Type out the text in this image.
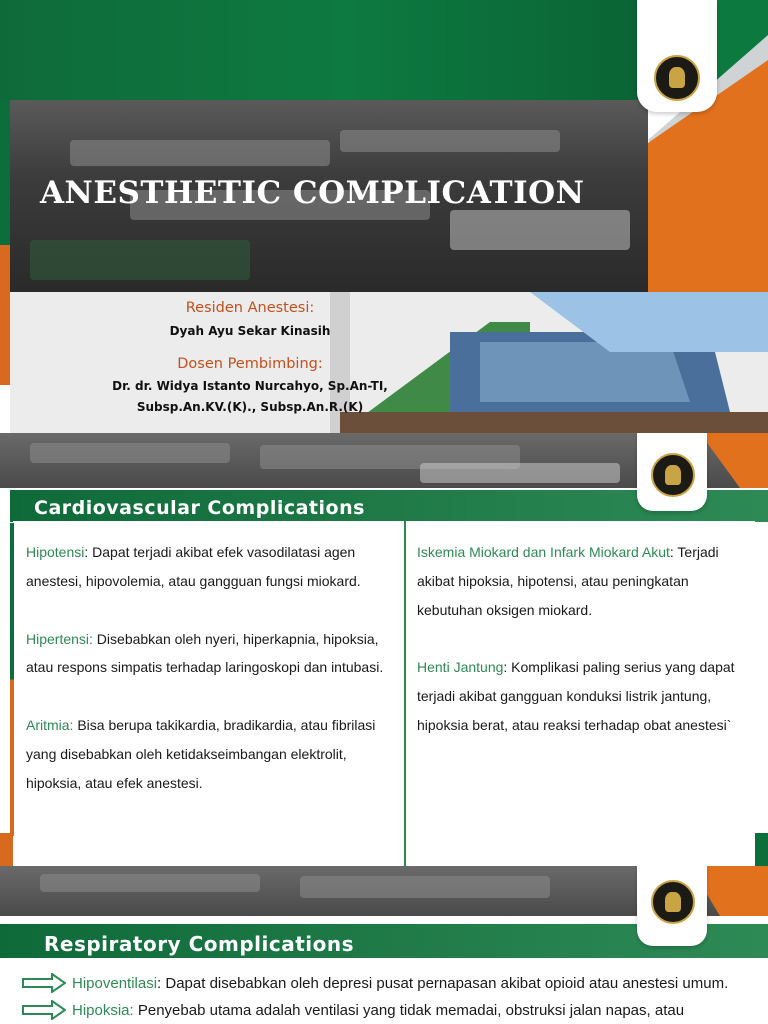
ANESTHETIC COMPLICATION

Residen Anestesi:

Dyah Ayu Sekar Kinasih

Dosen Pembimbing:

Dr. dr. Widya Istanto Nurcahyo, Sp.An-TI,

Subsp.An.KV.(K)., Subsp.An.R.(K)

Cardiovascular Complications

Hipotensi: Dapat terjadi akibat efek vasodilatasi agen anestesi, hipovolemia, atau gangguan fungsi miokard.

Hipertensi: Disebabkan oleh nyeri, hiperkapnia, hipoksia, atau respons simpatis terhadap laringoskopi dan intubasi.

Aritmia: Bisa berupa takikardia, bradikardia, atau fibrilasi yang disebabkan oleh ketidakseimbangan elektrolit, hipoksia, atau efek anestesi.

Iskemia Miokard dan Infark Miokard Akut: Terjadi akibat hipoksia, hipotensi, atau peningkatan kebutuhan oksigen miokard.

Henti Jantung: Komplikasi paling serius yang dapat terjadi akibat gangguan konduksi listrik jantung, hipoksia berat, atau reaksi terhadap obat anestesi`

Respiratory Complications
Hipoventilasi: Dapat disebabkan oleh depresi pusat pernapasan akibat opioid atau anestesi umum.
Hipoksia: Penyebab utama adalah ventilasi yang tidak memadai, obstruksi jalan napas, atau
